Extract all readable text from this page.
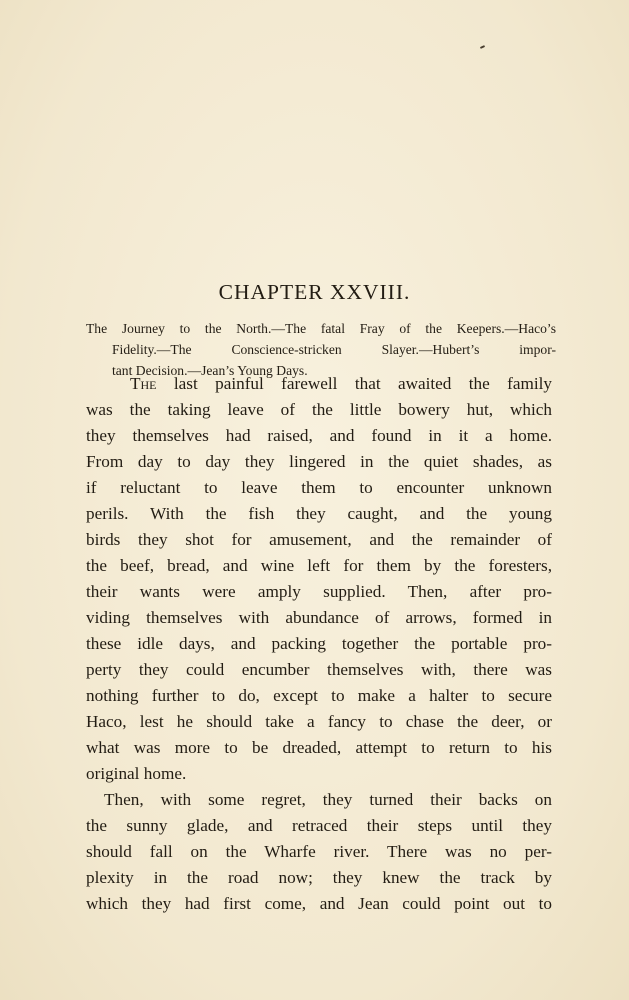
CHAPTER XXVIII.
The Journey to the North.—The fatal Fray of the Keepers.—Haco’s
Fidelity.—The Conscience-stricken Slayer.—Hubert’s impor-
tant Decision.—Jean’s Young Days.
The last painful farewell that awaited the family
was the taking leave of the little bowery hut, which
they themselves had raised, and found in it a home.
From day to day they lingered in the quiet shades, as
if reluctant to leave them to encounter unknown
perils. With the fish they caught, and the young
birds they shot for amusement, and the remainder of
the beef, bread, and wine left for them by the foresters,
their wants were amply supplied. Then, after pro-
viding themselves with abundance of arrows, formed in
these idle days, and packing together the portable pro-
perty they could encumber themselves with, there was
nothing further to do, except to make a halter to secure
Haco, lest he should take a fancy to chase the deer, or
what was more to be dreaded, attempt to return to his
original home.
Then, with some regret, they turned their backs on
the sunny glade, and retraced their steps until they
should fall on the Wharfe river. There was no per-
plexity in the road now; they knew the track by
which they had first come, and Jean could point out to
